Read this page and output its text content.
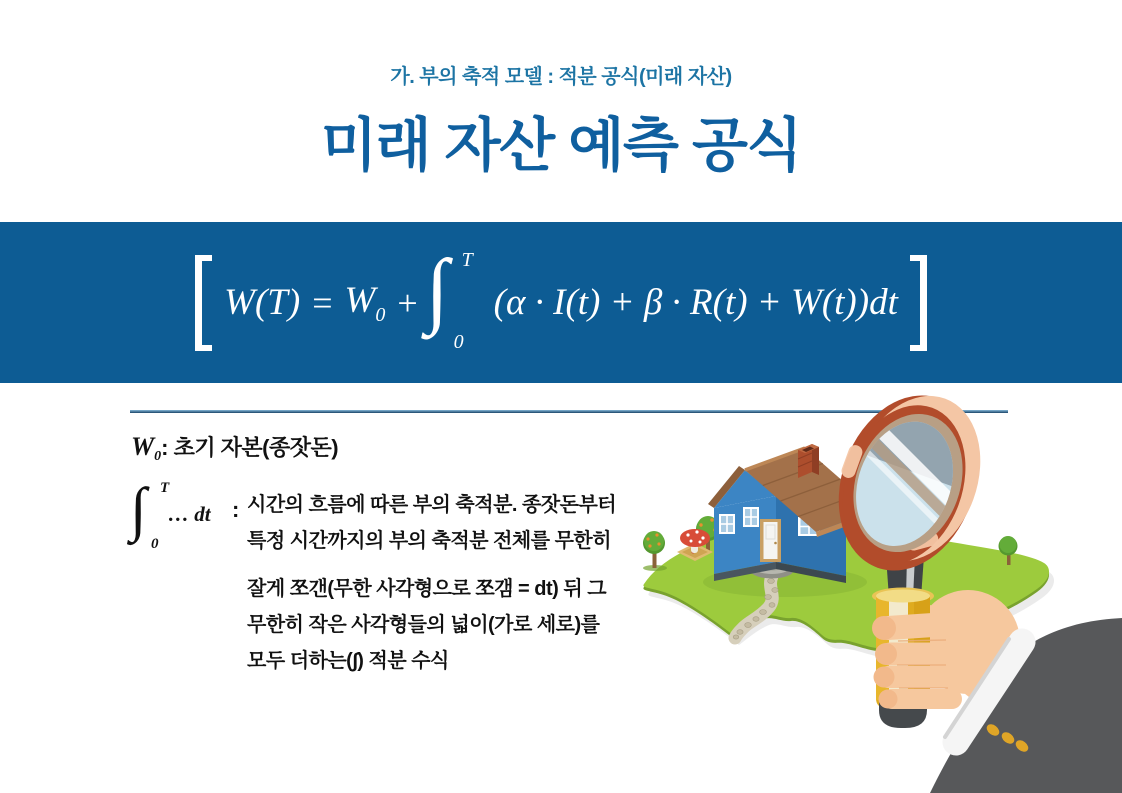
가. 부의 축적 모델 : 적분 공식(미래 자산)
미래 자산 예측 공식
$W(T) = W_0$ + ∫ T
0
(α · I(t) + β · R(t) + W(t))dt
W0: 초기 자본(종잣돈)
∫ T
0
… dt : 시간의 흐름에 따른 부의 축적분. 종잣돈부터
특정 시간까지의 부의 축적분 전체를 무한히
잘게 쪼갠(무한 사각형으로 쪼갬 = dt) 뒤 그
무한히 작은 사각형들의 넓이(가로 세로)를
모두 더하는(∫) 적분 수식
